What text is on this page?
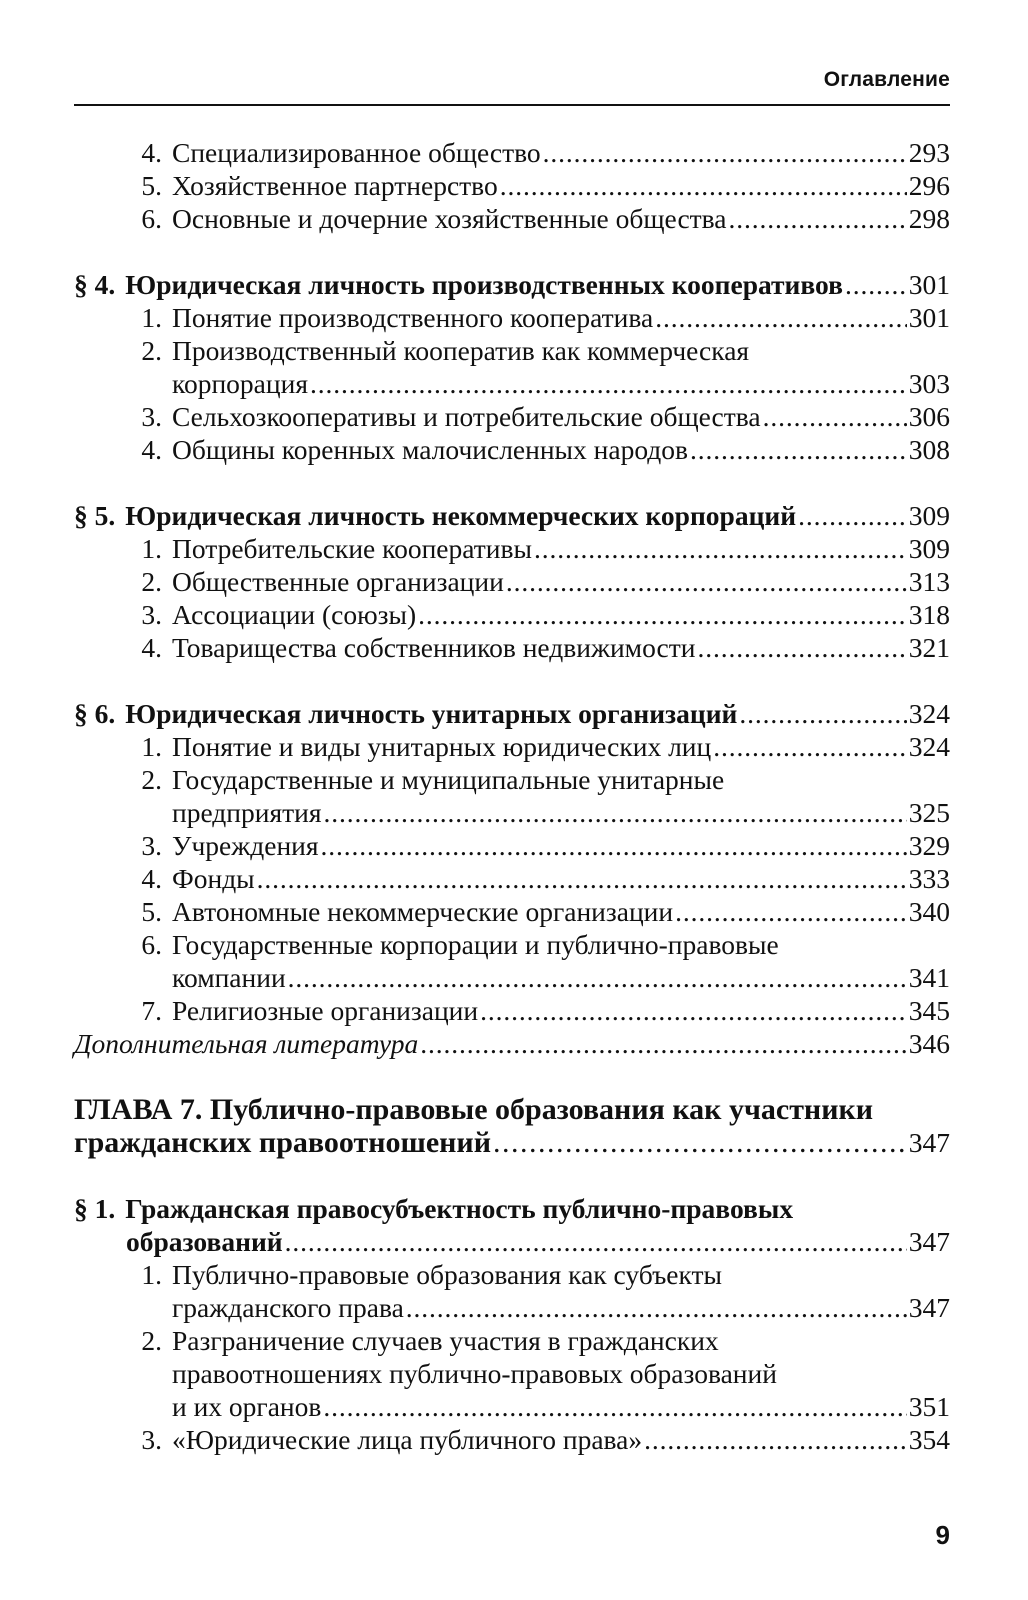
Оглавление
4. Специализированное общество . . .	293
5. Хозяйственное партнерство . . .	296
6. Основные и дочерние хозяйственные общества . . .	298
§ 4. Юридическая личность производственных кооперативов . . . 301
1. Понятие производственного кооператива . . .	301
2. Производственный кооператив как коммерческая
корпорация . . .	303
3. Сельхозкооперативы и потребительские общества . . .	306
4. Общины коренных малочисленных народов . . .	308
§ 5. Юридическая личность некоммерческих корпораций . . .	309
1. Потребительские кооперативы . . .	309
2. Общественные организации . . .	313
3. Ассоциации (союзы) . . .	318
4. Товарищества собственников недвижимости . . .	321
§ 6. Юридическая личность унитарных организаций . . .	324
1. Понятие и виды унитарных юридических лиц . . .	324
2. Государственные и муниципальные унитарные
предприятия . . .	325
3. Учреждения . . .	329
4. Фонды . . .	333
5. Автономные некоммерческие организации . . .	340
6. Государственные корпорации и публично-правовые
компании . . .	341
7. Религиозные организации . . .	345
Дополнительная литература . . .	346
ГЛАВА 7. Публично-правовые образования как участники
гражданских правоотношений . . .	347
§ 1. Гражданская правосубъектность публично-правовых
образований . . .	347
1. Публично-правовые образования как субъекты
гражданского права . . .	347
2. Разграничение случаев участия в гражданских
правоотношениях публично-правовых образований
и их органов . . .	351
3. «Юридические лица публичного права» . . .	354
9
